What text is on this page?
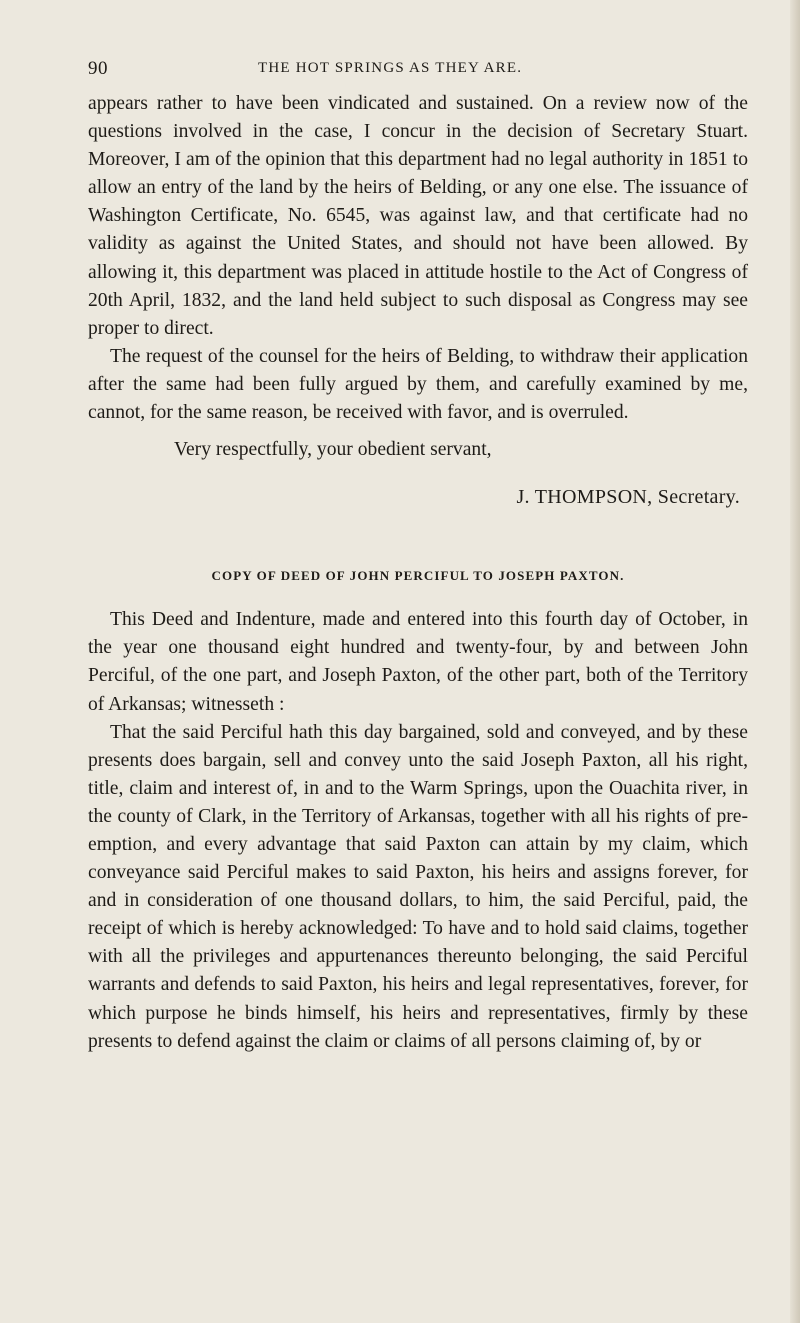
90	THE HOT SPRINGS AS THEY ARE.

appears rather to have been vindicated and sustained. On a review now of the questions involved in the case, I concur in the decision of Secretary Stuart. Moreover, I am of the opinion that this department had no legal authority in 1851 to allow an entry of the land by the heirs of Belding, or any one else. The issuance of Washington Certificate, No. 6545, was against law, and that certificate had no validity as against the United States, and should not have been allowed. By allowing it, this department was placed in attitude hostile to the Act of Congress of 20th April, 1832, and the land held subject to such disposal as Congress may see proper to direct.

The request of the counsel for the heirs of Belding, to withdraw their application after the same had been fully argued by them, and carefully examined by me, cannot, for the same reason, be received with favor, and is overruled.

Very respectfully, your obedient servant,

J. THOMPSON, Secretary.

COPY OF DEED OF JOHN PERCIFUL TO JOSEPH PAXTON.

This Deed and Indenture, made and entered into this fourth day of October, in the year one thousand eight hundred and twenty-four, by and between John Perciful, of the one part, and Joseph Paxton, of the other part, both of the Territory of Arkansas; witnesseth :

That the said Perciful hath this day bargained, sold and conveyed, and by these presents does bargain, sell and convey unto the said Joseph Paxton, all his right, title, claim and interest of, in and to the Warm Springs, upon the Ouachita river, in the county of Clark, in the Territory of Arkansas, together with all his rights of pre-emption, and every advantage that said Paxton can attain by my claim, which conveyance said Perciful makes to said Paxton, his heirs and assigns forever, for and in consideration of one thousand dollars, to him, the said Perciful, paid, the receipt of which is hereby acknowledged: To have and to hold said claims, together with all the privileges and appurtenances thereunto belonging, the said Perciful warrants and defends to said Paxton, his heirs and legal representatives, forever, for which purpose he binds himself, his heirs and representatives, firmly by these presents to defend against the claim or claims of all persons claiming of, by or
